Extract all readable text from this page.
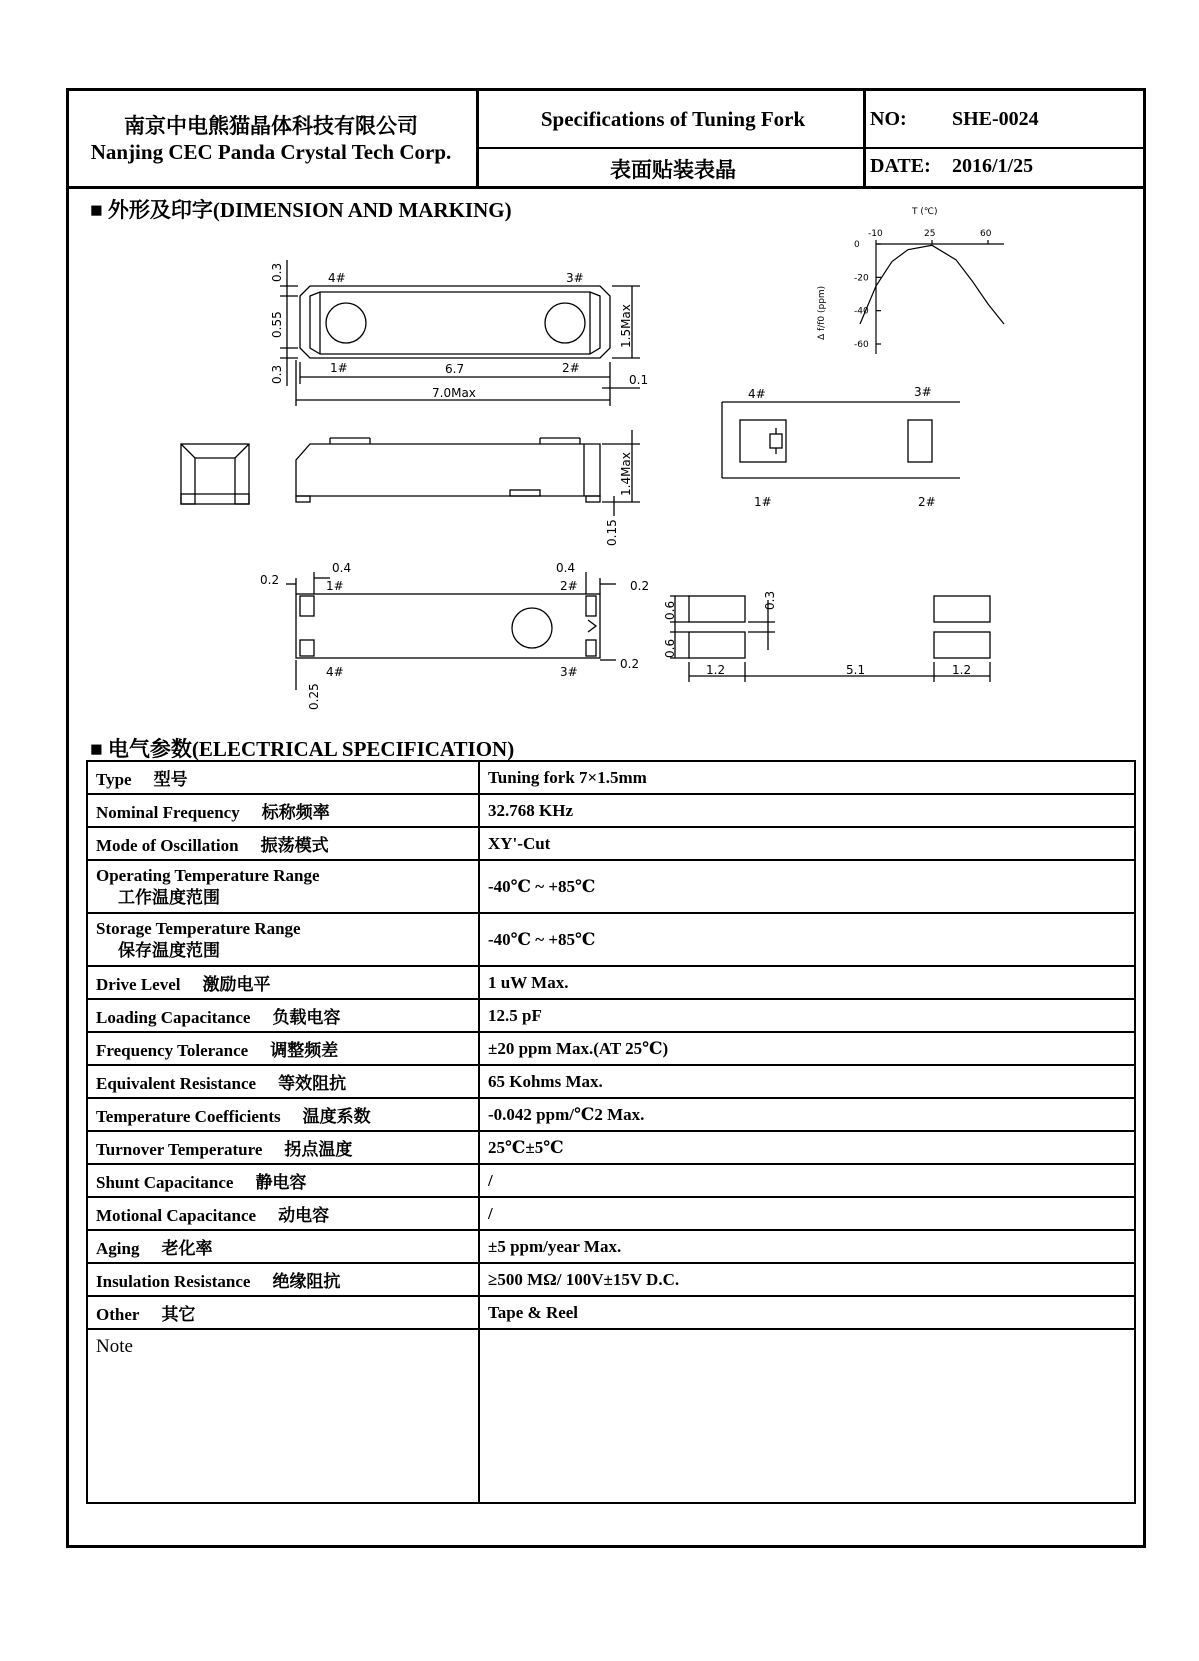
南京中电熊猫晶体科技有限公司
Nanjing CEC Panda Crystal Tech Corp.
Specifications of Tuning Fork
表面贴装表晶
NO: SHE-0024
DATE: 2016/1/25
■ 外形及印字(DIMENSION AND MARKING)
■ 电气参数(ELECTRICAL SPECIFICATION)
-10	25	60
0
-20
-40
-60
T (℃)
Δ f/f0 (ppm)
4#	3#
1#	2#
6.7
7.0Max
0.1
0.3
0.55
0.3
1.5Max
1.4Max
0.15
0.2
0.4
1#
0.4
2#	0.2
4#	3#
0.2
0.25
0.6
0.6
0.3
1.2	5.1	1.2
4#	3#
1#	2#
Type 型号	Tuning fork 7×1.5mm
Nominal Frequency 标称频率	32.768 KHz
Mode of Oscillation 振荡模式	XY'-Cut
Operating Temperature Range
工作温度范围	-40℃ ~ +85℃
Storage Temperature Range
保存温度范围	-40℃ ~ +85℃
Drive Level 激励电平	1 uW Max.
Loading Capacitance 负载电容	12.5 pF
Frequency Tolerance 调整频差	±20 ppm Max.(AT 25℃)
Equivalent Resistance 等效阻抗	65 Kohms Max.
Temperature Coefficients 温度系数	-0.042 ppm/℃2 Max.
Turnover Temperature 拐点温度	25℃±5℃
Shunt Capacitance 静电容	/
Motional Capacitance 动电容	/
Aging 老化率	±5 ppm/year Max.
Insulation Resistance 绝缘阻抗	≥500 MΩ/ 100V±15V D.C.
Other 其它	Tape & Reel
Note	
